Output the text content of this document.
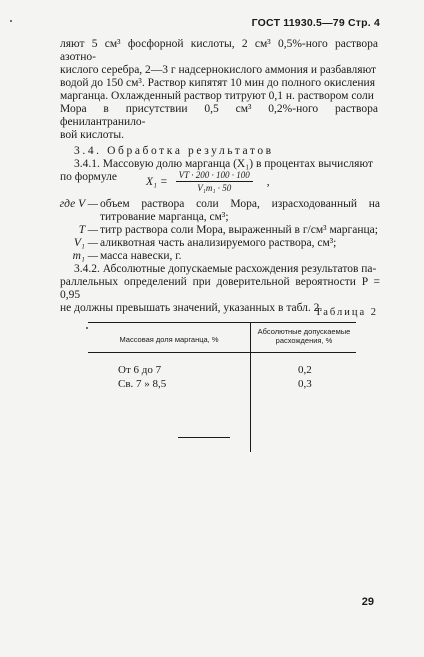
ГОСТ 11930.5—79 Стр. 4

ляют 5 см³ фосфорной кислоты, 2 см³ 0,5%-ного раствора азотно-
кислого серебра, 2—3 г надсернокислого аммония и разбавляют
водой до 150 см³. Раствор кипятят 10 мин до полного окисления
марганца. Охлажденный раствор титруют 0,1 н. раствором соли
Мора в присутствии 0,5 см³ 0,2%-ного раствора фенилантранило-
вой кислоты.

3.4. Обработка результатов

3.4.1. Массовую долю марганца (X₁) в процентах вычисляют
по формуле	$X_1 = \frac{VT \cdot 200 \cdot 100 \cdot 100}{\text{V₁m₁ · 50}}$ ,
где V — объем раствора соли Мора, израсходованный на титрование марганца, см³;
T — титр раствора соли Мора, выраженный в г/см³ марганца;
V₁ — аликвотная часть анализируемого раствора, см³;
m₁ — масса навески, г.

3.4.2. Абсолютные допускаемые расхождения результатов па-
раллельных определений при доверительной вероятности P = 0,95
не должны превышать значений, указанных в табл. 2.

Таблица 2
Массовая доля марганца, %
Абсолютные допускаемые расхождения, %
От 6 до 7	0,2
Св. 7 » 8,5	0,3
29
